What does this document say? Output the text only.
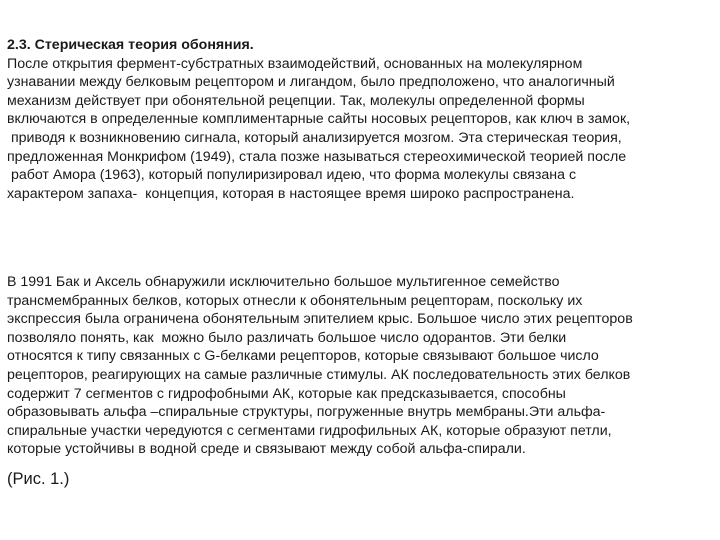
2.3. Стерическая теория обоняния.
После открытия фермент-субстратных взаимодействий, основанных на молекулярном
узнавании между белковым рецептором и лигандом, было предположено, что аналогичный
механизм действует при обонятельной рецепции. Так, молекулы определенной формы
включаются в определенные комплиментарные сайты носовых рецепторов, как ключ в замок,
приводя к возникновению сигнала, который анализируется мозгом. Эта стерическая теория,
предложенная Монкрифом (1949), стала позже называться стереохимической теорией после
работ Амора (1963), который популиризировал идею, что форма молекулы связана с
характером запаха-  концепция, которая в настоящее время широко распространена.
В 1991 Бак и Аксель обнаружили исключительно большое мультигенное семейство
трансмембранных белков, которых отнесли к обонятельным рецепторам, поскольку их
экспрессия была ограничена обонятельным эпителием крыс. Большое число этих рецепторов
позволяло понять, как  можно было различать большое число одорантов. Эти белки
относятся к типу связанных с G-белками рецепторов, которые связывают большое число
рецепторов, реагирующих на самые различные стимулы. АК последовательность этих белков
содержит 7 сегментов с гидрофобными АК, которые как предсказывается, способны
образовывать альфа –спиральные структуры, погруженные внутрь мембраны.Эти альфа-
спиральные участки чередуются с сегментами гидрофильных АК, которые образуют петли,
которые устойчивы в водной среде и связывают между собой альфа-спирали.
(Рис. 1.)
